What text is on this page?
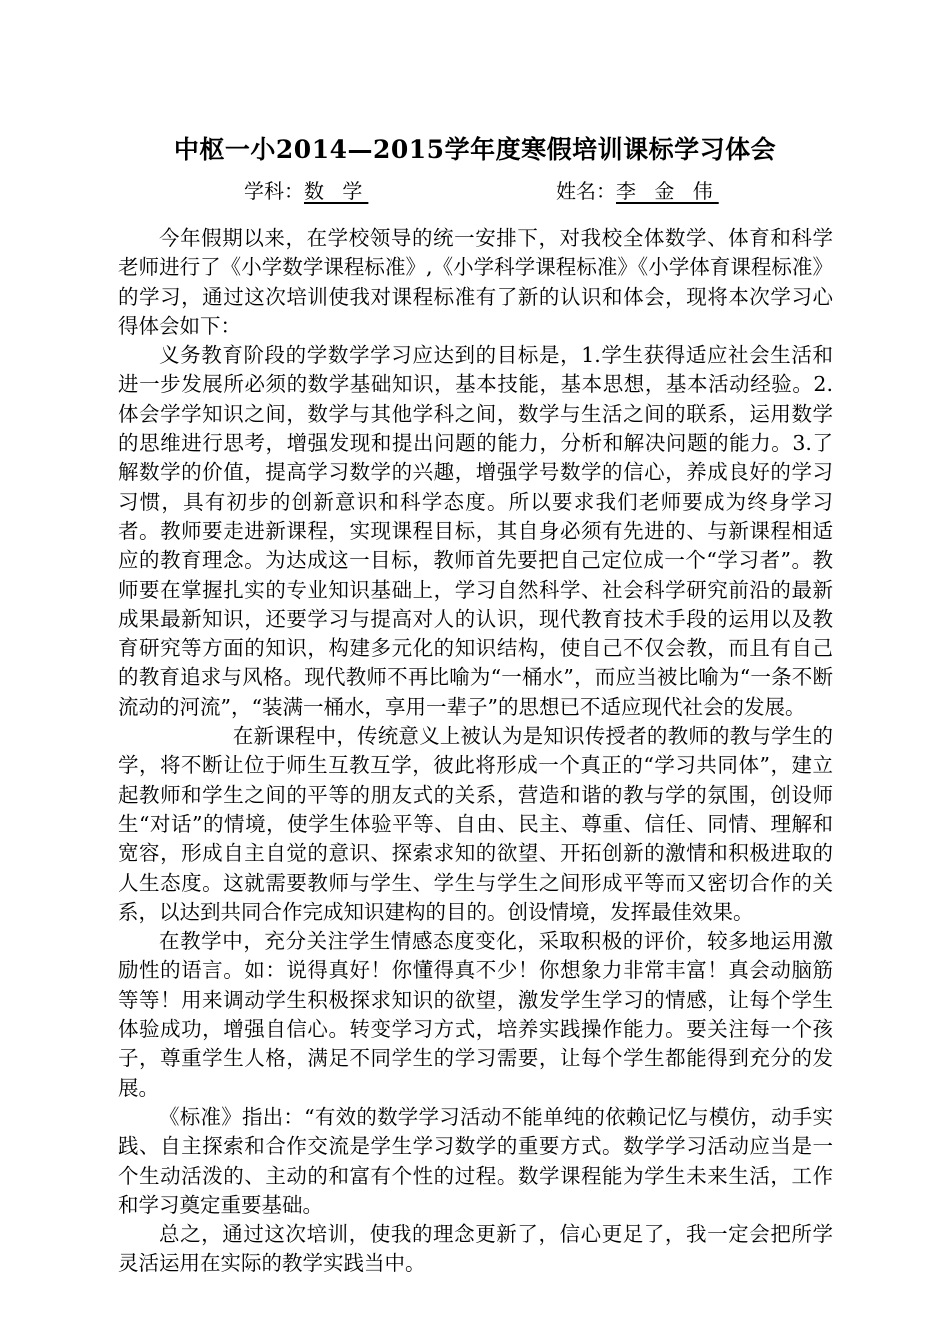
中枢一小2014—2015学年度寒假培训课标学习体会
学科：数 学	姓名：李 金 伟

今年假期以来，在学校领导的统一安排下，对我校全体数学、体育和科学老师进行了《小学数学课程标准》,《小学科学课程标准》《小学体育课程标准》的学习，通过这次培训使我对课程标准有了新的认识和体会，现将本次学习心得体会如下：

义务教育阶段的学数学学习应达到的目标是，1.学生获得适应社会生活和进一步发展所必须的数学基础知识，基本技能，基本思想，基本活动经验。2.体会学学知识之间，数学与其他学科之间，数学与生活之间的联系，运用数学的思维进行思考，增强发现和提出问题的能力，分析和解决问题的能力。3.了解数学的价值，提高学习数学的兴趣，增强学号数学的信心，养成良好的学习习惯，具有初步的创新意识和科学态度。所以要求我们老师要成为终身学习者。教师要走进新课程，实现课程目标，其自身必须有先进的、与新课程相适应的教育理念。为达成这一目标，教师首先要把自己定位成一个“学习者”。教师要在掌握扎实的专业知识基础上，学习自然科学、社会科学研究前沿的最新成果最新知识，还要学习与提高对人的认识，现代教育技术手段的运用以及教育研究等方面的知识，构建多元化的知识结构，使自己不仅会教，而且有自己的教育追求与风格。现代教师不再比喻为“一桶水”，而应当被比喻为“一条不断流动的河流”，“装满一桶水，享用一辈子”的思想已不适应现代社会的发展。

在新课程中，传统意义上被认为是知识传授者的教师的教与学生的学，将不断让位于师生互教互学，彼此将形成一个真正的“学习共同体”，建立起教师和学生之间的平等的朋友式的关系，营造和谐的教与学的氛围，创设师生“对话”的情境，使学生体验平等、自由、民主、尊重、信任、同情、理解和宽容，形成自主自觉的意识、探索求知的欲望、开拓创新的激情和积极进取的人生态度。这就需要教师与学生、学生与学生之间形成平等而又密切合作的关系，以达到共同合作完成知识建构的目的。创设情境，发挥最佳效果。

在教学中，充分关注学生情感态度变化，采取积极的评价，较多地运用激励性的语言。如：说得真好！你懂得真不少！你想象力非常丰富！真会动脑筋等等！用来调动学生积极探求知识的欲望，激发学生学习的情感，让每个学生体验成功，增强自信心。转变学习方式，培养实践操作能力。要关注每一个孩子，尊重学生人格，满足不同学生的学习需要，让每个学生都能得到充分的发展。

《标准》指出：“有效的数学学习活动不能单纯的依赖记忆与模仿，动手实践、自主探索和合作交流是学生学习数学的重要方式。数学学习活动应当是一个生动活泼的、主动的和富有个性的过程。数学课程能为学生未来生活，工作和学习奠定重要基础。

总之，通过这次培训，使我的理念更新了，信心更足了，我一定会把所学灵活运用在实际的教学实践当中。
